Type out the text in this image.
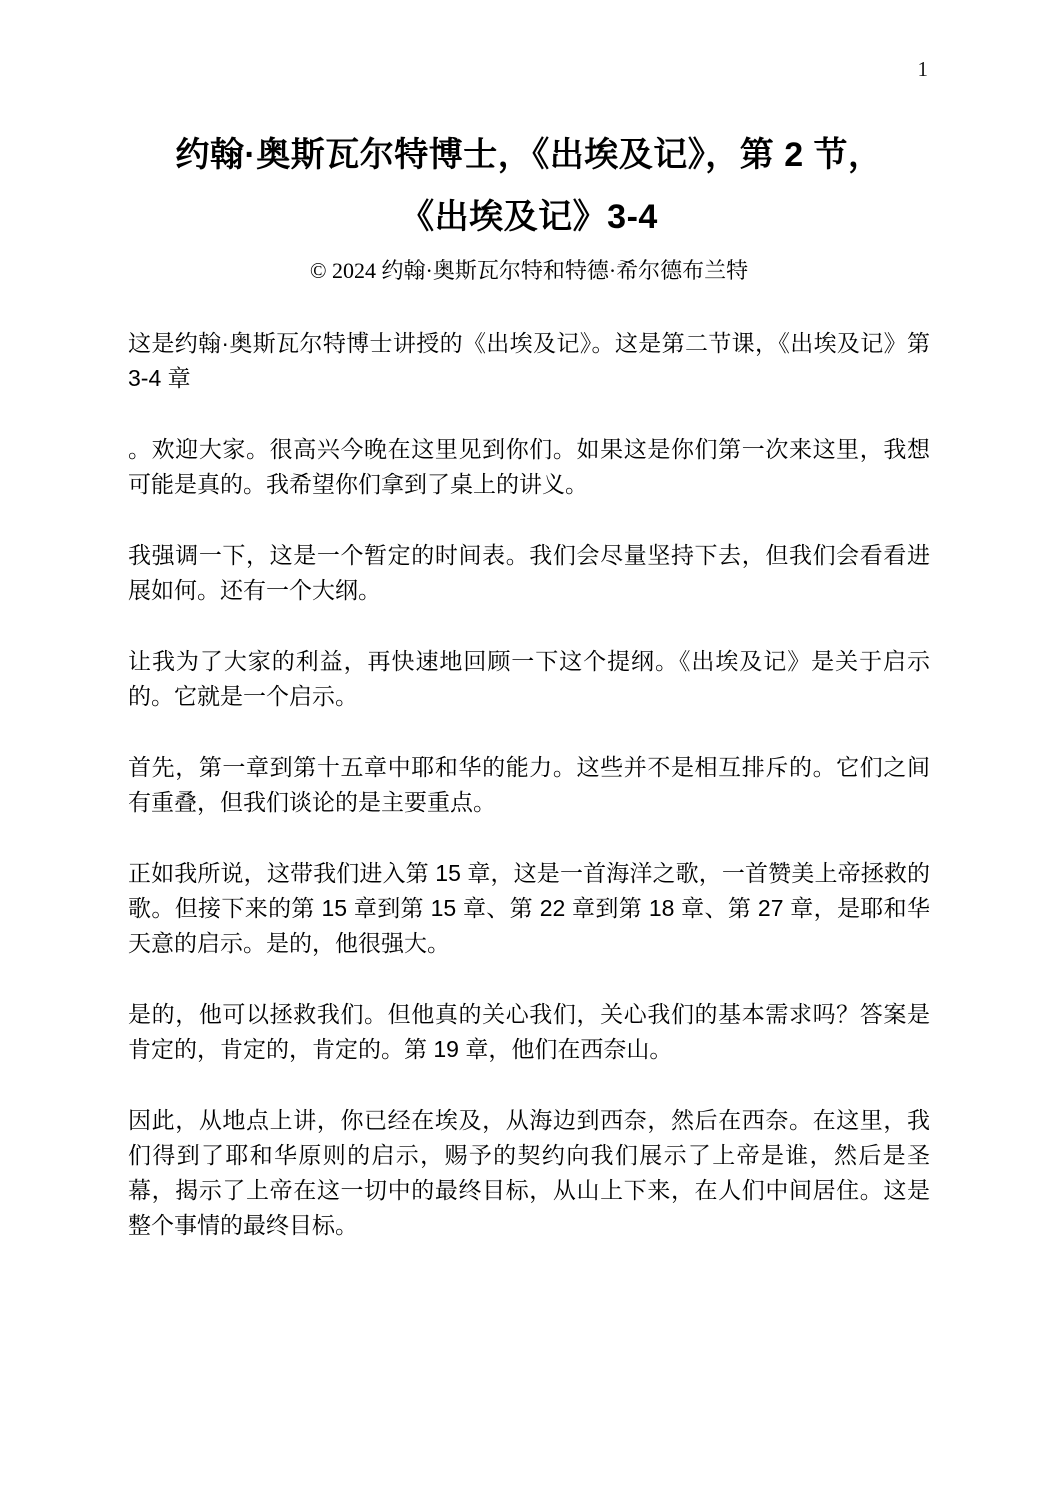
1
约翰·奥斯瓦尔特博士，《出埃及记》，第 2 节，
《出埃及记》3-4

© 2024 约翰·奥斯瓦尔特和特德·希尔德布兰特

这是约翰·奥斯瓦尔特博士讲授的《出埃及记》。这是第二节课，《出埃及记》第 3-4 章

。欢迎大家。很高兴今晚在这里见到你们。如果这是你们第一次来这里，我想可能是真的。我希望你们拿到了桌上的讲义。

我强调一下，这是一个暂定的时间表。我们会尽量坚持下去，但我们会看看进展如何。还有一个大纲。

让我为了大家的利益，再快速地回顾一下这个提纲。《出埃及记》是关于启示的。它就是一个启示。

首先，第一章到第十五章中耶和华的能力。这些并不是相互排斥的。它们之间有重叠，但我们谈论的是主要重点。

正如我所说，这带我们进入第 15 章，这是一首海洋之歌，一首赞美上帝拯救的歌。但接下来的第 15 章到第 15 章、第 22 章到第 18 章、第 27 章，是耶和华天意的启示。是的，他很强大。

是的，他可以拯救我们。但他真的关心我们，关心我们的基本需求吗？答案是肯定的，肯定的，肯定的。第 19 章，他们在西奈山。

因此，从地点上讲，你已经在埃及，从海边到西奈，然后在西奈。在这里，我们得到了耶和华原则的启示，赐予的契约向我们展示了上帝是谁，然后是圣幕，揭示了上帝在这一切中的最终目标，从山上下来，在人们中间居住。这是整个事情的最终目标。
